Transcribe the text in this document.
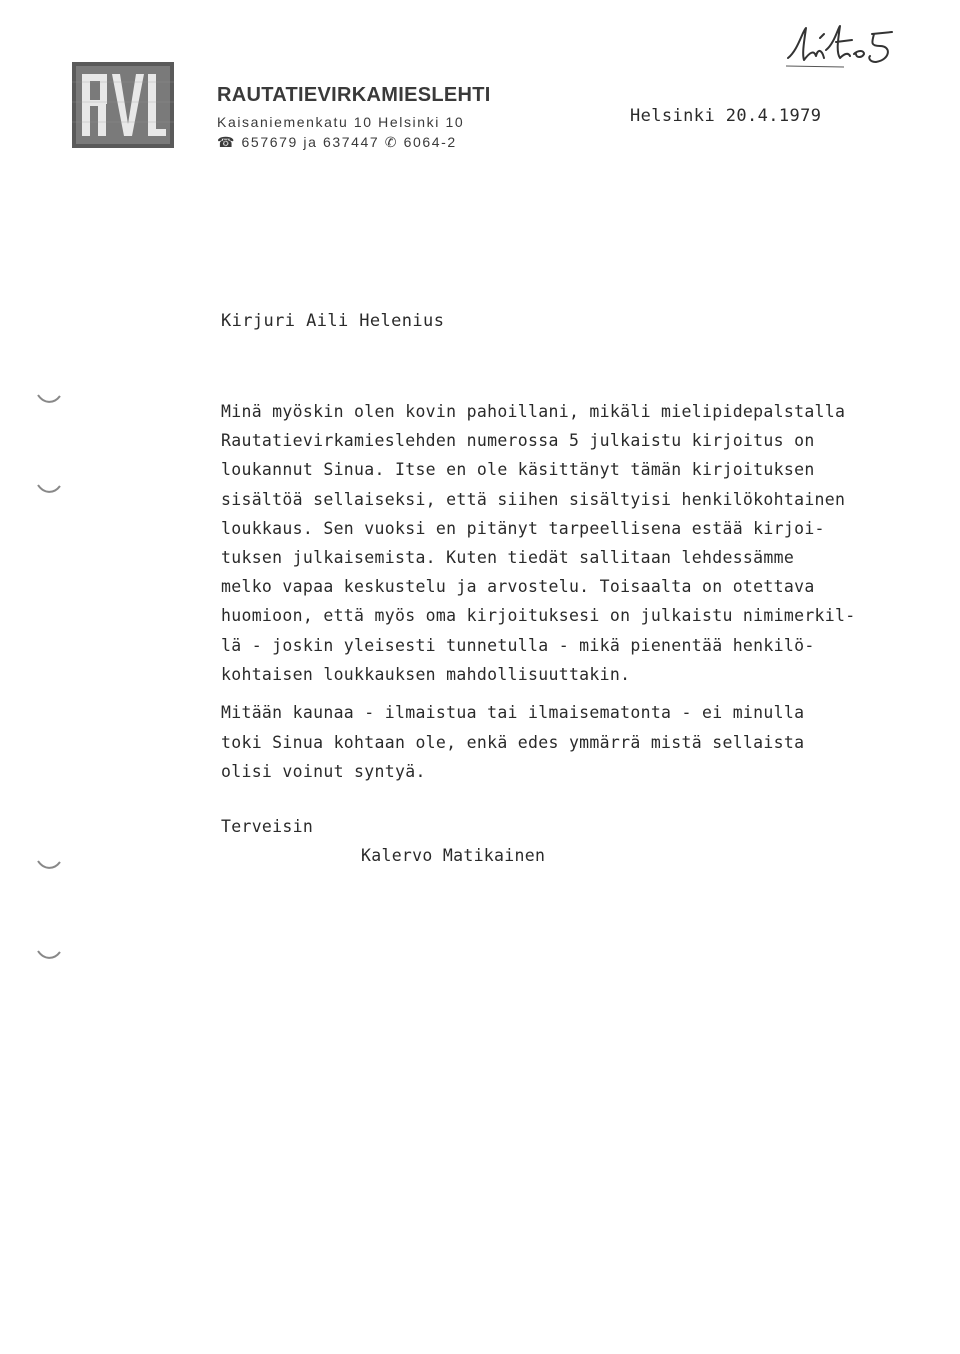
RAUTATIEVIRKAMIESLEHTI
Kaisaniemenkatu 10 Helsinki 10
☎ 657679 ja 637447 ✆ 6064-2
Helsinki 20.4.1979
Kirjuri Aili Helenius
Minä myöskin olen kovin pahoillani, mikäli mielipidepalstalla
Rautatievirkamieslehden numerossa 5 julkaistu kirjoitus on
loukannut Sinua. Itse en ole käsittänyt tämän kirjoituksen
sisältöä sellaiseksi, että siihen sisältyisi henkilökohtainen
loukkaus. Sen vuoksi en pitänyt tarpeellisena estää kirjoi-
tuksen julkaisemista. Kuten tiedät sallitaan lehdessämme
melko vapaa keskustelu ja arvostelu. Toisaalta on otettava
huomioon, että myös oma kirjoituksesi on julkaistu nimimerkil-
lä - joskin yleisesti tunnetulla - mikä pienentää henkilö-
kohtaisen loukkauksen mahdollisuuttakin.
Mitään kaunaa - ilmaistua tai ilmaisematonta - ei minulla
toki Sinua kohtaan ole, enkä edes ymmärrä mistä sellaista
olisi voinut syntyä.
Terveisin
Kalervo Matikainen
